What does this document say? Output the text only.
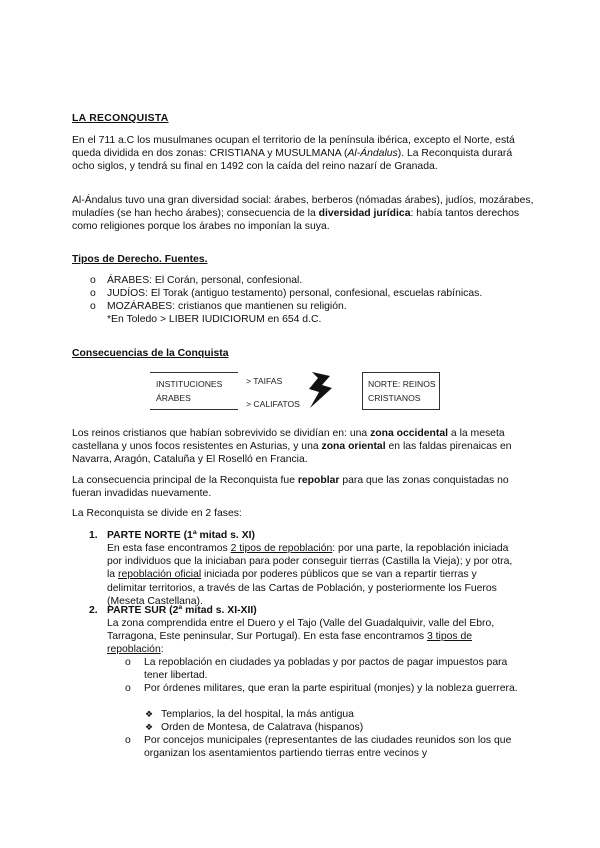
LA RECONQUISTA

En el 711 a.C los musulmanes ocupan el territorio de la península ibérica, excepto el Norte, está queda dividida en dos zonas: CRISTIANA y MUSULMANA (Al-Ándalus). La Reconquista durará ocho siglos, y tendrá su final en 1492 con la caída del reino nazarí de Granada.

Al-Ándalus tuvo una gran diversidad social: árabes, berberos (nómadas árabes), judíos, mozárabes, muladíes (se han hecho árabes); consecuencia de la diversidad jurídica: había tantos derechos como religiones porque los árabes no imponían la suya.

Tipos de Derecho. Fuentes.
o ÁRABES: El Corán, personal, confesional.
o JUDÍOS: El Torak (antiguo testamento) personal, confesional, escuelas rabínicas.
o MOZÁRABES: cristianos que mantienen su religión.
*En Toledo > LIBER IUDICIORUM en 654 d.C.
Consecuencias de la Conquista
INSTITUCIONES
ÁRABES
> TAIFAS
> CALIFATOS
NORTE: REINOS
CRISTIANOS

Los reinos cristianos que habían sobrevivido se dividían en: una zona occidental a la meseta castellana y unos focos resistentes en Asturias, y una zona oriental en las faldas pirenaicas en Navarra, Aragón, Cataluña y El Roselló en Francia.

La consecuencia principal de la Reconquista fue repoblar para que las zonas conquistadas no fueran invadidas nuevamente.

La Reconquista se divide en 2 fases:

1. PARTE NORTE (1ª mitad s. XI)

En esta fase encontramos 2 tipos de repoblación: por una parte, la repoblación iniciada por individuos que la iniciaban para poder conseguir tierras (Castilla la Vieja); y por otra, la repoblación oficial iniciada por poderes públicos que se van a repartir tierras y delimitar territorios, a través de las Cartas de Población, y posteriormente los Fueros (Meseta Castellana).

2. PARTE SUR (2ª mitad s. XI-XII)

La zona comprendida entre el Duero y el Tajo (Valle del Guadalquivir, valle del Ebro, Tarragona, Este peninsular, Sur Portugal). En esta fase encontramos 3 tipos de repoblación:

o La repoblación en ciudades ya pobladas y por pactos de pagar impuestos para tener libertad.

o Por órdenes militares, que eran la parte espiritual (monjes) y la nobleza guerrera.

❖ Templarios, la del hospital, la más antigua
❖ Orden de Montesa, de Calatrava (hispanos)
o Por concejos municipales (representantes de las ciudades reunidos son los que organizan los asentamientos partiendo tierras entre vecinos y
